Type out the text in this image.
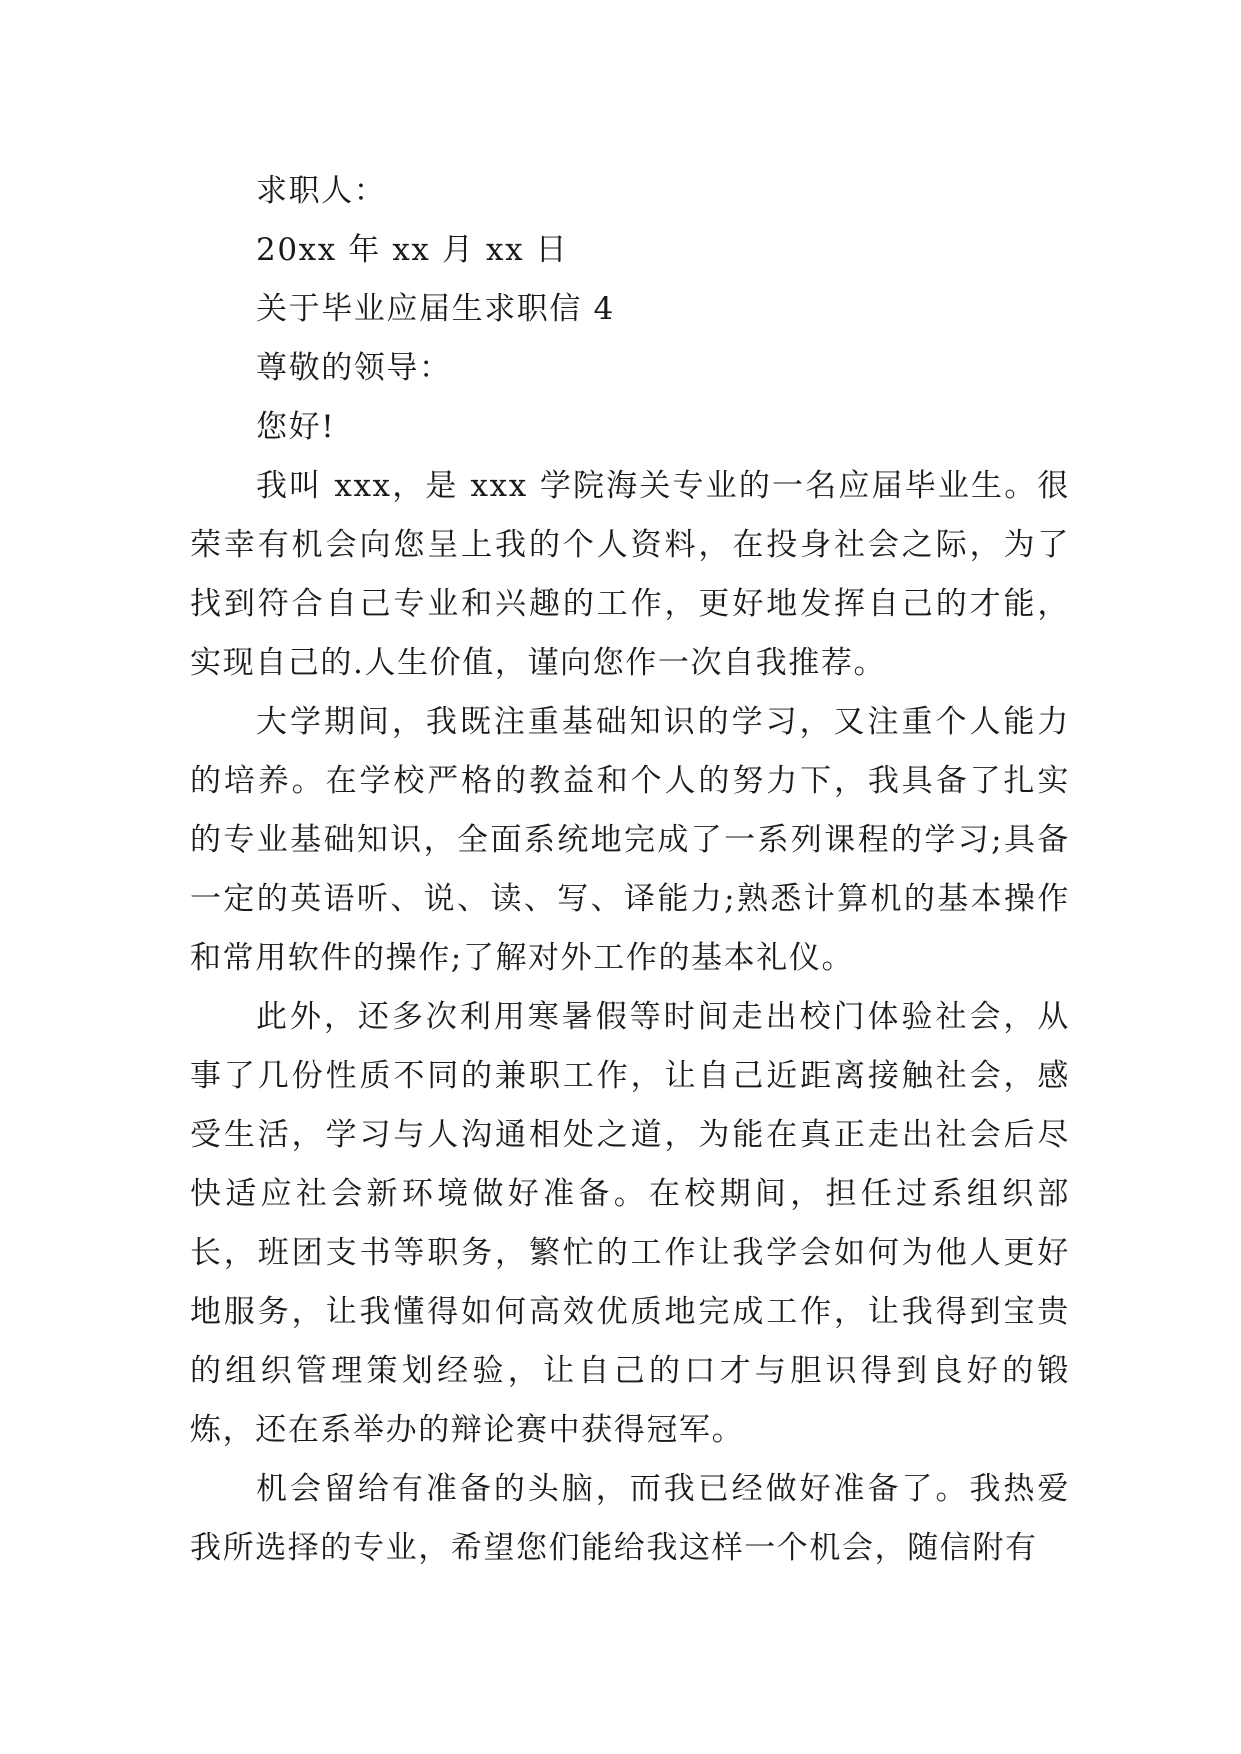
求职人：

20xx 年 xx 月 xx 日

关于毕业应届生求职信 4

尊敬的领导：

您好!

我叫 xxx，是 xxx 学院海关专业的一名应届毕业生。很荣幸有机会向您呈上我的个人资料，在投身社会之际，为了找到符合自己专业和兴趣的工作，更好地发挥自己的才能，实现自己的.人生价值，谨向您作一次自我推荐。

大学期间，我既注重基础知识的学习，又注重个人能力的培养。在学校严格的教益和个人的努力下，我具备了扎实的专业基础知识，全面系统地完成了一系列课程的学习;具备一定的英语听、说、读、写、译能力;熟悉计算机的基本操作和常用软件的操作;了解对外工作的基本礼仪。

此外，还多次利用寒暑假等时间走出校门体验社会，从事了几份性质不同的兼职工作，让自己近距离接触社会，感受生活，学习与人沟通相处之道，为能在真正走出社会后尽快适应社会新环境做好准备。在校期间，担任过系组织部长，班团支书等职务，繁忙的工作让我学会如何为他人更好地服务，让我懂得如何高效优质地完成工作，让我得到宝贵的组织管理策划经验，让自己的口才与胆识得到良好的锻炼，还在系举办的辩论赛中获得冠军。

机会留给有准备的头脑，而我已经做好准备了。我热爱我所选择的专业，希望您们能给我这样一个机会，随信附有
